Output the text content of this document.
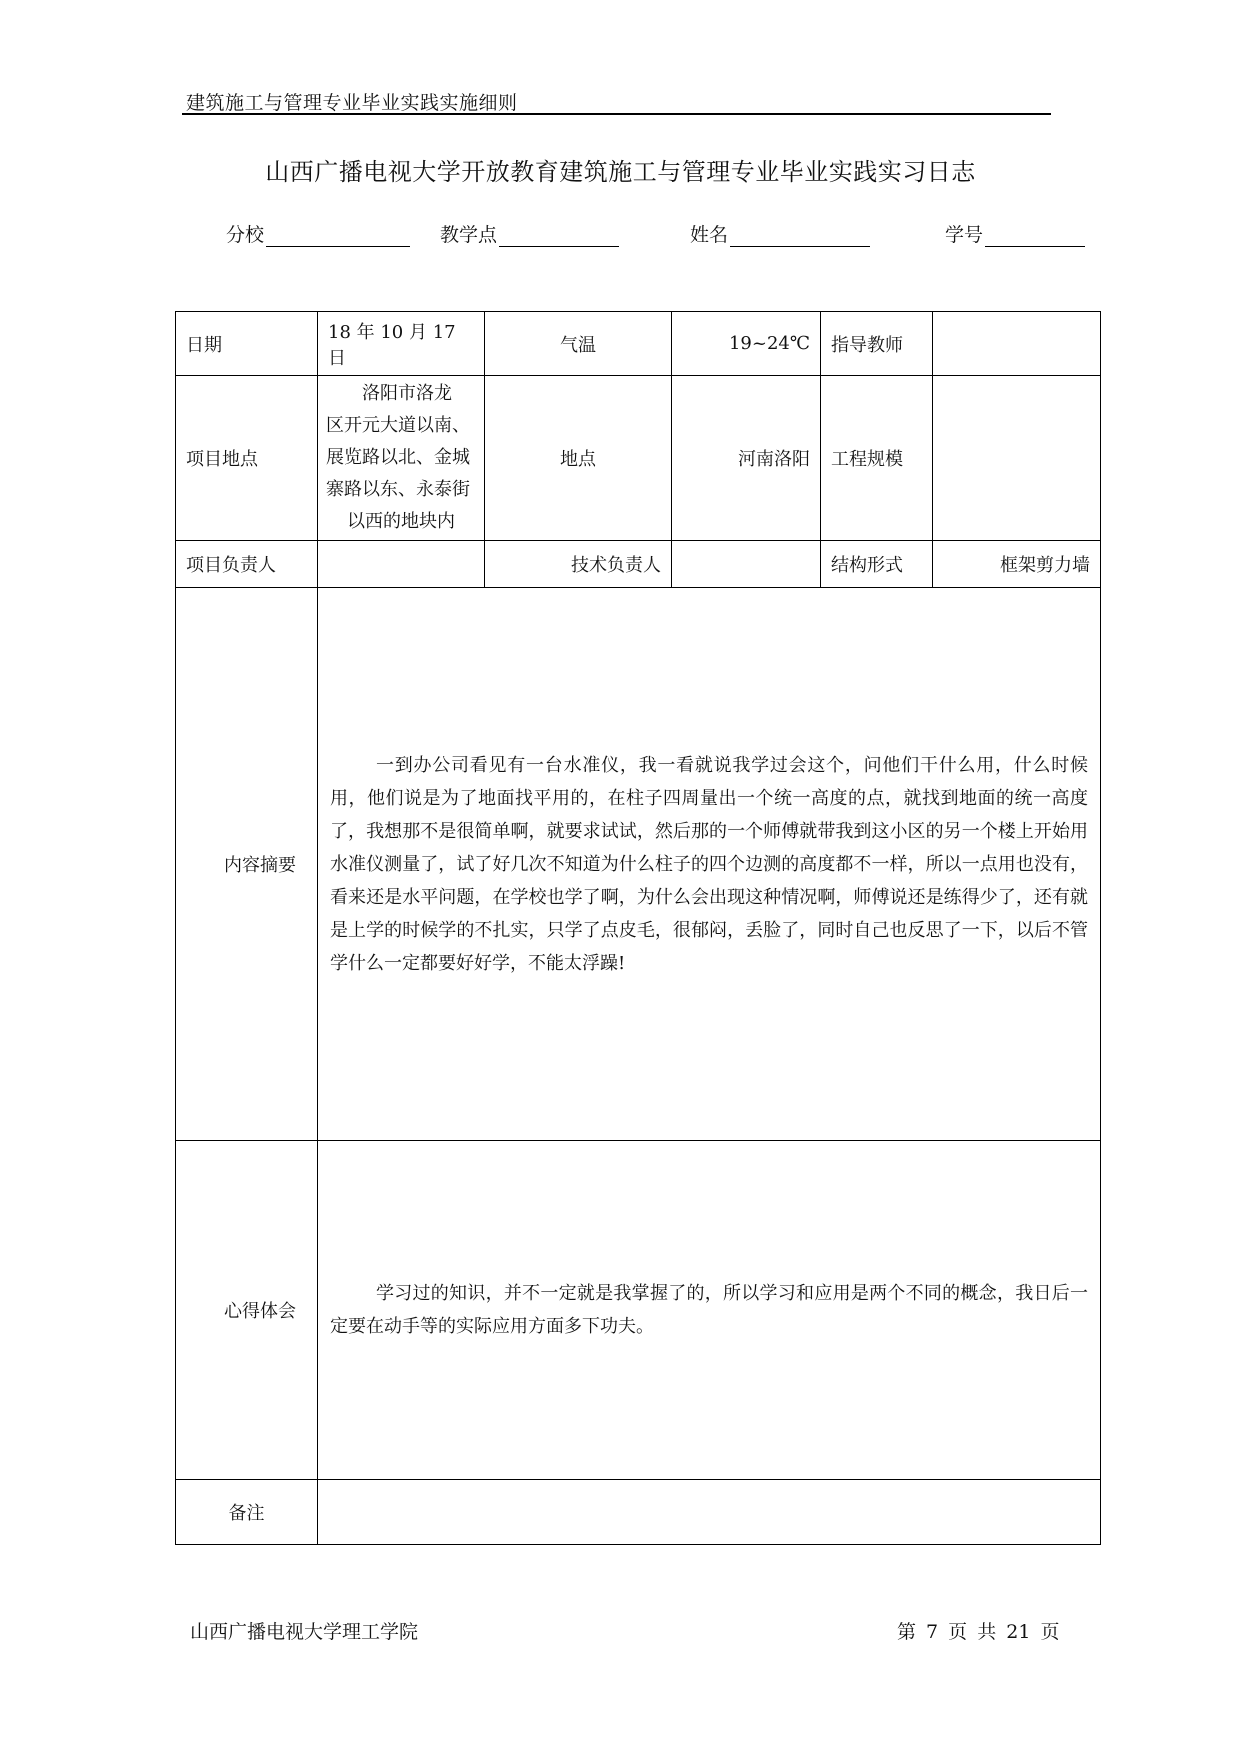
建筑施工与管理专业毕业实践实施细则
山西广播电视大学开放教育建筑施工与管理专业毕业实践实习日志
分校	教学点	姓名	学号
日期	18 年 10 月 17 日	气温	19~24℃	指导教师	
项目地点	洛阳市洛龙
区开元大道以南、
展览路以北、金城
寨路以东、永泰街
以西的地块内	地点	河南洛阳	工程规模	
项目负责人		技术负责人		结构形式	框架剪力墙
内容摘要	一到办公司看见有一台水准仪，我一看就说我学过会这个，问他们干什么用，什么时候用，他们说是为了地面找平用的，在柱子四周量出一个统一高度的点，就找到地面的统一高度了，我想那不是很简单啊，就要求试试，然后那的一个师傅就带我到这小区的另一个楼上开始用水准仪测量了，试了好几次不知道为什么柱子的四个边测的高度都不一样，所以一点用也没有，看来还是水平问题，在学校也学了啊，为什么会出现这种情况啊，师傅说还是练得少了，还有就是上学的时候学的不扎实，只学了点皮毛，很郁闷，丢脸了，同时自己也反思了一下，以后不管学什么一定都要好好学，不能太浮躁!				
心得体会	学习过的知识，并不一定就是我掌握了的，所以学习和应用是两个不同的概念，我日后一定要在动手等的实际应用方面多下功夫。				
备注					
山西广播电视大学理工学院	第 7 页 共 21 页
